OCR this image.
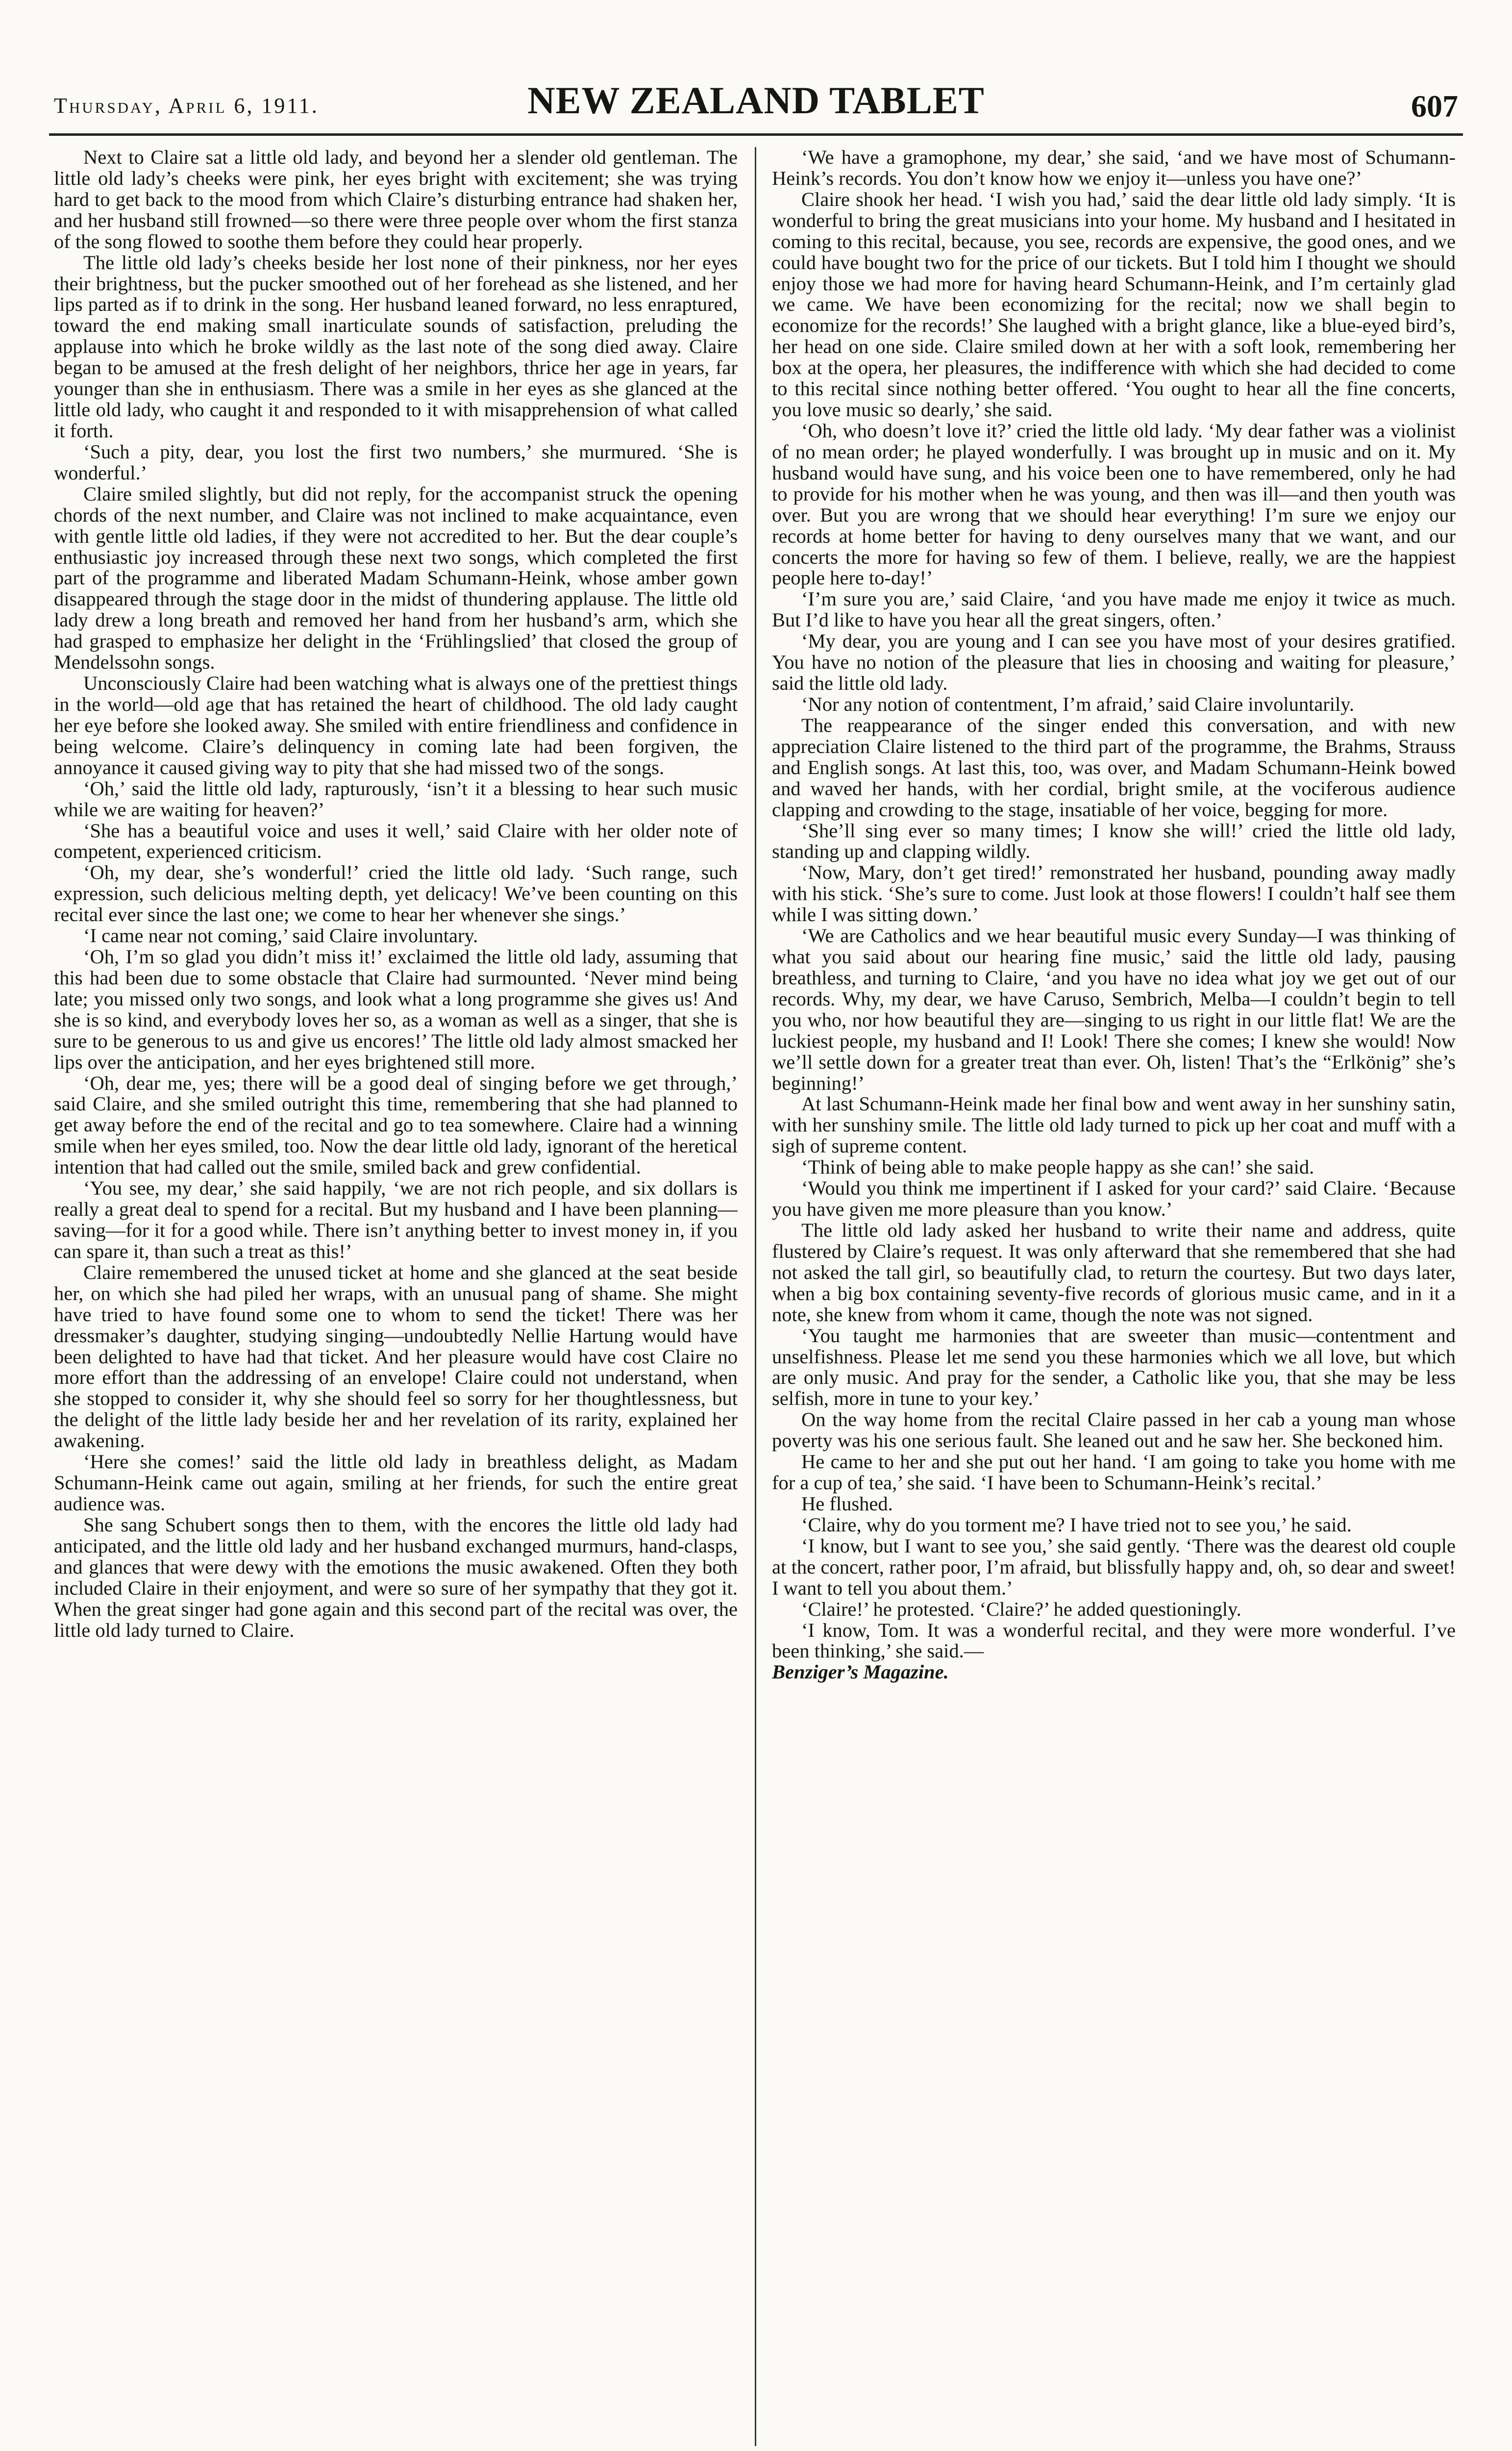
Thursday, April 6, 1911.	NEW ZEALAND TABLET	607

Next to Claire sat a little old lady, and beyond her a slender old gentleman. The little old lady’s cheeks were pink, her eyes bright with excitement; she was trying hard to get back to the mood from which Claire’s disturbing entrance had shaken her, and her husband still frowned—so there were three people over whom the first stanza of the song flowed to soothe them before they could hear properly.

The little old lady’s cheeks beside her lost none of their pinkness, nor her eyes their brightness, but the pucker smoothed out of her forehead as she listened, and her lips parted as if to drink in the song. Her husband leaned forward, no less enraptured, toward the end making small inarticulate sounds of satisfaction, preluding the applause into which he broke wildly as the last note of the song died away. Claire began to be amused at the fresh delight of her neighbors, thrice her age in years, far younger than she in enthusiasm. There was a smile in her eyes as she glanced at the little old lady, who caught it and responded to it with misapprehension of what called it forth.

‘Such a pity, dear, you lost the first two numbers,’ she murmured. ‘She is wonderful.’

Claire smiled slightly, but did not reply, for the accompanist struck the opening chords of the next number, and Claire was not inclined to make acquaintance, even with gentle little old ladies, if they were not accredited to her. But the dear couple’s enthusiastic joy increased through these next two songs, which completed the first part of the programme and liberated Madam Schumann-Heink, whose amber gown disappeared through the stage door in the midst of thundering applause. The little old lady drew a long breath and removed her hand from her husband’s arm, which she had grasped to emphasize her delight in the ‘Frühlingslied’ that closed the group of Mendelssohn songs.

Unconsciously Claire had been watching what is always one of the prettiest things in the world—old age that has retained the heart of childhood. The old lady caught her eye before she looked away. She smiled with entire friendliness and confidence in being welcome. Claire’s delinquency in coming late had been forgiven, the annoyance it caused giving way to pity that she had missed two of the songs.

‘Oh,’ said the little old lady, rapturously, ‘isn’t it a blessing to hear such music while we are waiting for heaven?’

‘She has a beautiful voice and uses it well,’ said Claire with her older note of competent, experienced criticism.

‘Oh, my dear, she’s wonderful!’ cried the little old lady. ‘Such range, such expression, such delicious melting depth, yet delicacy! We’ve been counting on this recital ever since the last one; we come to hear her whenever she sings.’

‘I came near not coming,’ said Claire involuntary.

‘Oh, I’m so glad you didn’t miss it!’ exclaimed the little old lady, assuming that this had been due to some obstacle that Claire had surmounted. ‘Never mind being late; you missed only two songs, and look what a long programme she gives us! And she is so kind, and everybody loves her so, as a woman as well as a singer, that she is sure to be generous to us and give us encores!’ The little old lady almost smacked her lips over the anticipation, and her eyes brightened still more.

‘Oh, dear me, yes; there will be a good deal of singing before we get through,’ said Claire, and she smiled outright this time, remembering that she had planned to get away before the end of the recital and go to tea somewhere. Claire had a winning smile when her eyes smiled, too. Now the dear little old lady, ignorant of the heretical intention that had called out the smile, smiled back and grew confidential.

‘You see, my dear,’ she said happily, ‘we are not rich people, and six dollars is really a great deal to spend for a recital. But my husband and I have been planning—saving—for it for a good while. There isn’t anything better to invest money in, if you can spare it, than such a treat as this!’

Claire remembered the unused ticket at home and she glanced at the seat beside her, on which she had piled her wraps, with an unusual pang of shame. She might have tried to have found some one to whom to send the ticket! There was her dressmaker’s daughter, studying singing—undoubtedly Nellie Hartung would have been delighted to have had that ticket. And her pleasure would have cost Claire no more effort than the addressing of an envelope! Claire could not understand, when she stopped to consider it, why she should feel so sorry for her thoughtlessness, but the delight of the little lady beside her and her revelation of its rarity, explained her awakening.

‘Here she comes!’ said the little old lady in breathless delight, as Madam Schumann-Heink came out again, smiling at her friends, for such the entire great audience was.

She sang Schubert songs then to them, with the encores the little old lady had anticipated, and the little old lady and her husband exchanged murmurs, hand-clasps, and glances that were dewy with the emotions the music awakened. Often they both included Claire in their enjoyment, and were so sure of her sympathy that they got it. When the great singer had gone again and this second part of the recital was over, the little old lady turned to Claire.

‘We have a gramophone, my dear,’ she said, ‘and we have most of Schumann-Heink’s records. You don’t know how we enjoy it—unless you have one?’

Claire shook her head. ‘I wish you had,’ said the dear little old lady simply. ‘It is wonderful to bring the great musicians into your home. My husband and I hesitated in coming to this recital, because, you see, records are expensive, the good ones, and we could have bought two for the price of our tickets. But I told him I thought we should enjoy those we had more for having heard Schumann-Heink, and I’m certainly glad we came. We have been economizing for the recital; now we shall begin to economize for the records!’ She laughed with a bright glance, like a blue-eyed bird’s, her head on one side. Claire smiled down at her with a soft look, remembering her box at the opera, her pleasures, the indifference with which she had decided to come to this recital since nothing better offered. ‘You ought to hear all the fine concerts, you love music so dearly,’ she said.

‘Oh, who doesn’t love it?’ cried the little old lady. ‘My dear father was a violinist of no mean order; he played wonderfully. I was brought up in music and on it. My husband would have sung, and his voice been one to have remembered, only he had to provide for his mother when he was young, and then was ill—and then youth was over. But you are wrong that we should hear everything! I’m sure we enjoy our records at home better for having to deny ourselves many that we want, and our concerts the more for having so few of them. I believe, really, we are the happiest people here to-day!’

‘I’m sure you are,’ said Claire, ‘and you have made me enjoy it twice as much. But I’d like to have you hear all the great singers, often.’

‘My dear, you are young and I can see you have most of your desires gratified. You have no notion of the pleasure that lies in choosing and waiting for pleasure,’ said the little old lady.

‘Nor any notion of contentment, I’m afraid,’ said Claire involuntarily.

The reappearance of the singer ended this conversation, and with new appreciation Claire listened to the third part of the programme, the Brahms, Strauss and English songs. At last this, too, was over, and Madam Schumann-Heink bowed and waved her hands, with her cordial, bright smile, at the vociferous audience clapping and crowding to the stage, insatiable of her voice, begging for more.

‘She’ll sing ever so many times; I know she will!’ cried the little old lady, standing up and clapping wildly.

‘Now, Mary, don’t get tired!’ remonstrated her husband, pounding away madly with his stick. ‘She’s sure to come. Just look at those flowers! I couldn’t half see them while I was sitting down.’

‘We are Catholics and we hear beautiful music every Sunday—I was thinking of what you said about our hearing fine music,’ said the little old lady, pausing breathless, and turning to Claire, ‘and you have no idea what joy we get out of our records. Why, my dear, we have Caruso, Sembrich, Melba—I couldn’t begin to tell you who, nor how beautiful they are—singing to us right in our little flat! We are the luckiest people, my husband and I! Look! There she comes; I knew she would! Now we’ll settle down for a greater treat than ever. Oh, listen! That’s the “Erlkönig” she’s beginning!’

At last Schumann-Heink made her final bow and went away in her sunshiny satin, with her sunshiny smile. The little old lady turned to pick up her coat and muff with a sigh of supreme content.

‘Think of being able to make people happy as she can!’ she said.

‘Would you think me impertinent if I asked for your card?’ said Claire. ‘Because you have given me more pleasure than you know.’

The little old lady asked her husband to write their name and address, quite flustered by Claire’s request. It was only afterward that she remembered that she had not asked the tall girl, so beautifully clad, to return the courtesy. But two days later, when a big box containing seventy-five records of glorious music came, and in it a note, she knew from whom it came, though the note was not signed.

‘You taught me harmonies that are sweeter than music—contentment and unselfishness. Please let me send you these harmonies which we all love, but which are only music. And pray for the sender, a Catholic like you, that she may be less selfish, more in tune to your key.’

On the way home from the recital Claire passed in her cab a young man whose poverty was his one serious fault. She leaned out and he saw her. She beckoned him.

He came to her and she put out her hand. ‘I am going to take you home with me for a cup of tea,’ she said. ‘I have been to Schumann-Heink’s recital.’

He flushed.

‘Claire, why do you torment me? I have tried not to see you,’ he said.

‘I know, but I want to see you,’ she said gently. ‘There was the dearest old couple at the concert, rather poor, I’m afraid, but blissfully happy and, oh, so dear and sweet! I want to tell you about them.’

‘Claire!’ he protested. ‘Claire?’ he added questioningly.

‘I know, Tom. It was a wonderful recital, and they were more wonderful. I’ve been thinking,’ she said.—

Benziger’s Magazine.
